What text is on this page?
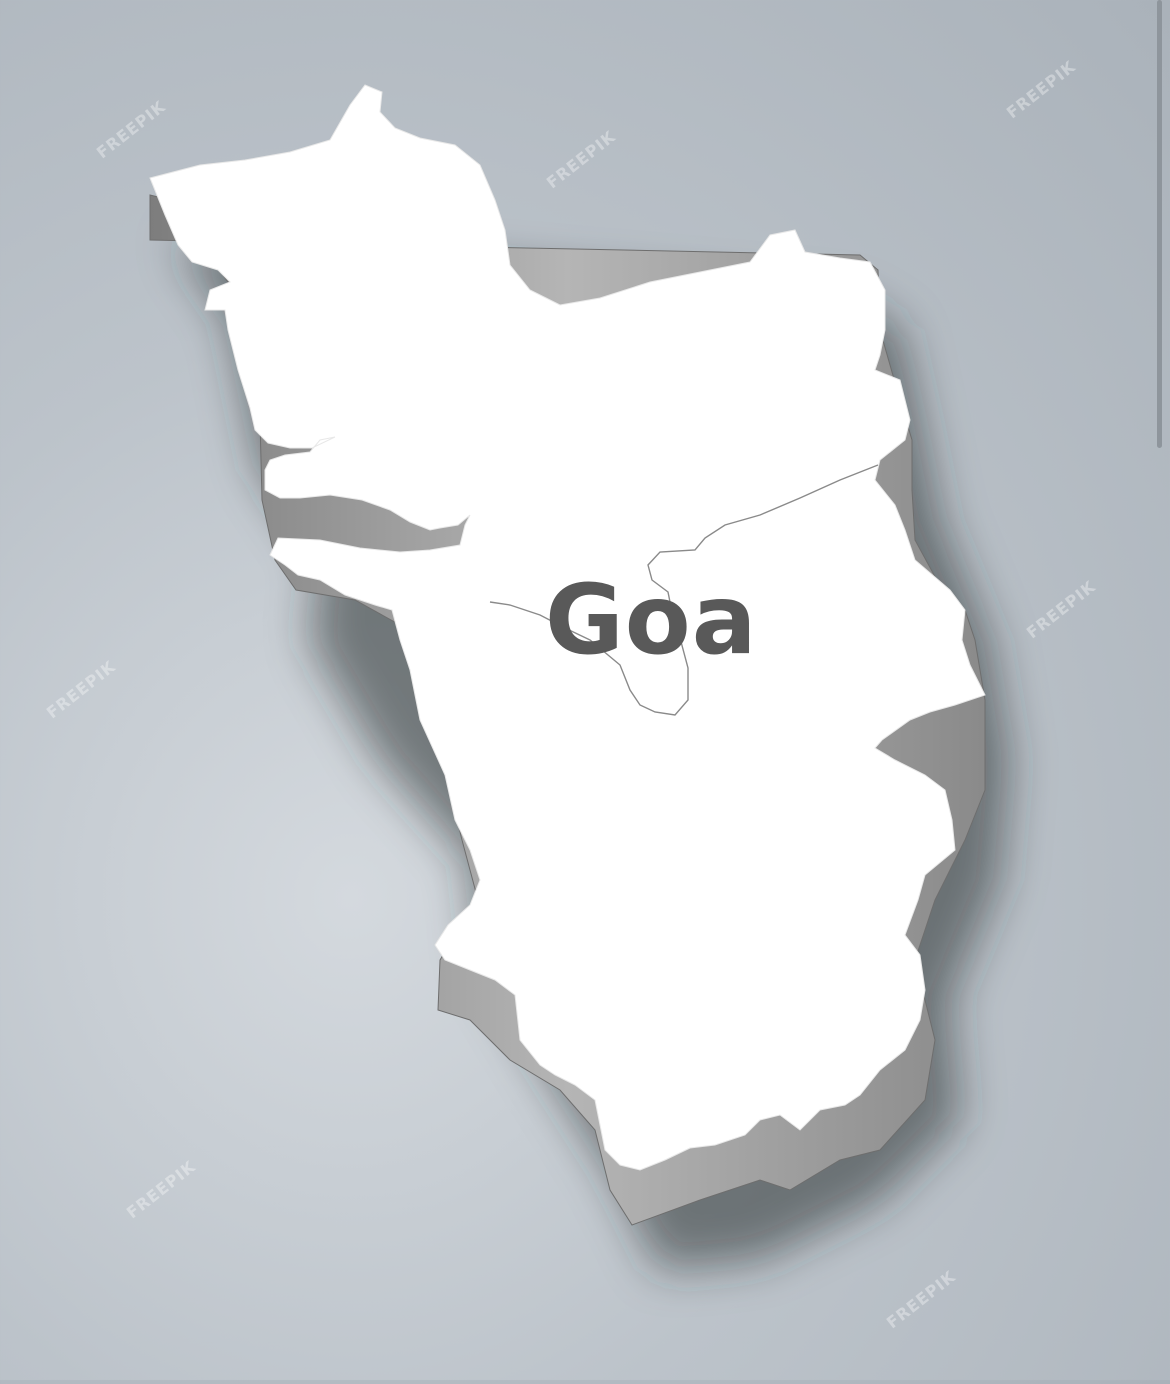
Goa
FREEPIK	FREEPIK
FREEPIK
FREEPIK
FREEPIK
FREEPIK
FREEPIK
